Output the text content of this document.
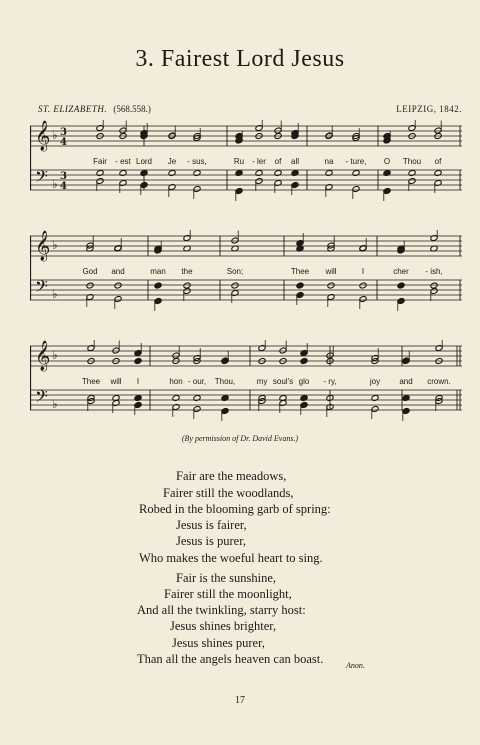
3. Fairest Lord Jesus
ST. ELIZABETH. (568.558.)	LEIPZIG, 1842.
𝄞
𝄢
♭
♭
3
4
3
4
Fair - est Lord Je - sus,	Ru - ler of all	na - ture, O Thou of
𝄞
𝄢
♭
♭
God and	man the	Son;	Thee will	I	cher - ish,
𝄞
𝄢
♭
♭
Thee will I	hon - our, Thou,	my soul's glo - ry,	joy and crown.
(By permission of Dr. David Evans.)
Fair are the meadows,
Fairer still the woodlands,
Robed in the blooming garb of spring:
Jesus is fairer,
Jesus is purer,
Who makes the woeful heart to sing.
Fair is the sunshine,
Fairer still the moonlight,
And all the twinkling, starry host:
Jesus shines brighter,
Jesus shines purer,
Than all the angels heaven can boast.	Anon.
17
